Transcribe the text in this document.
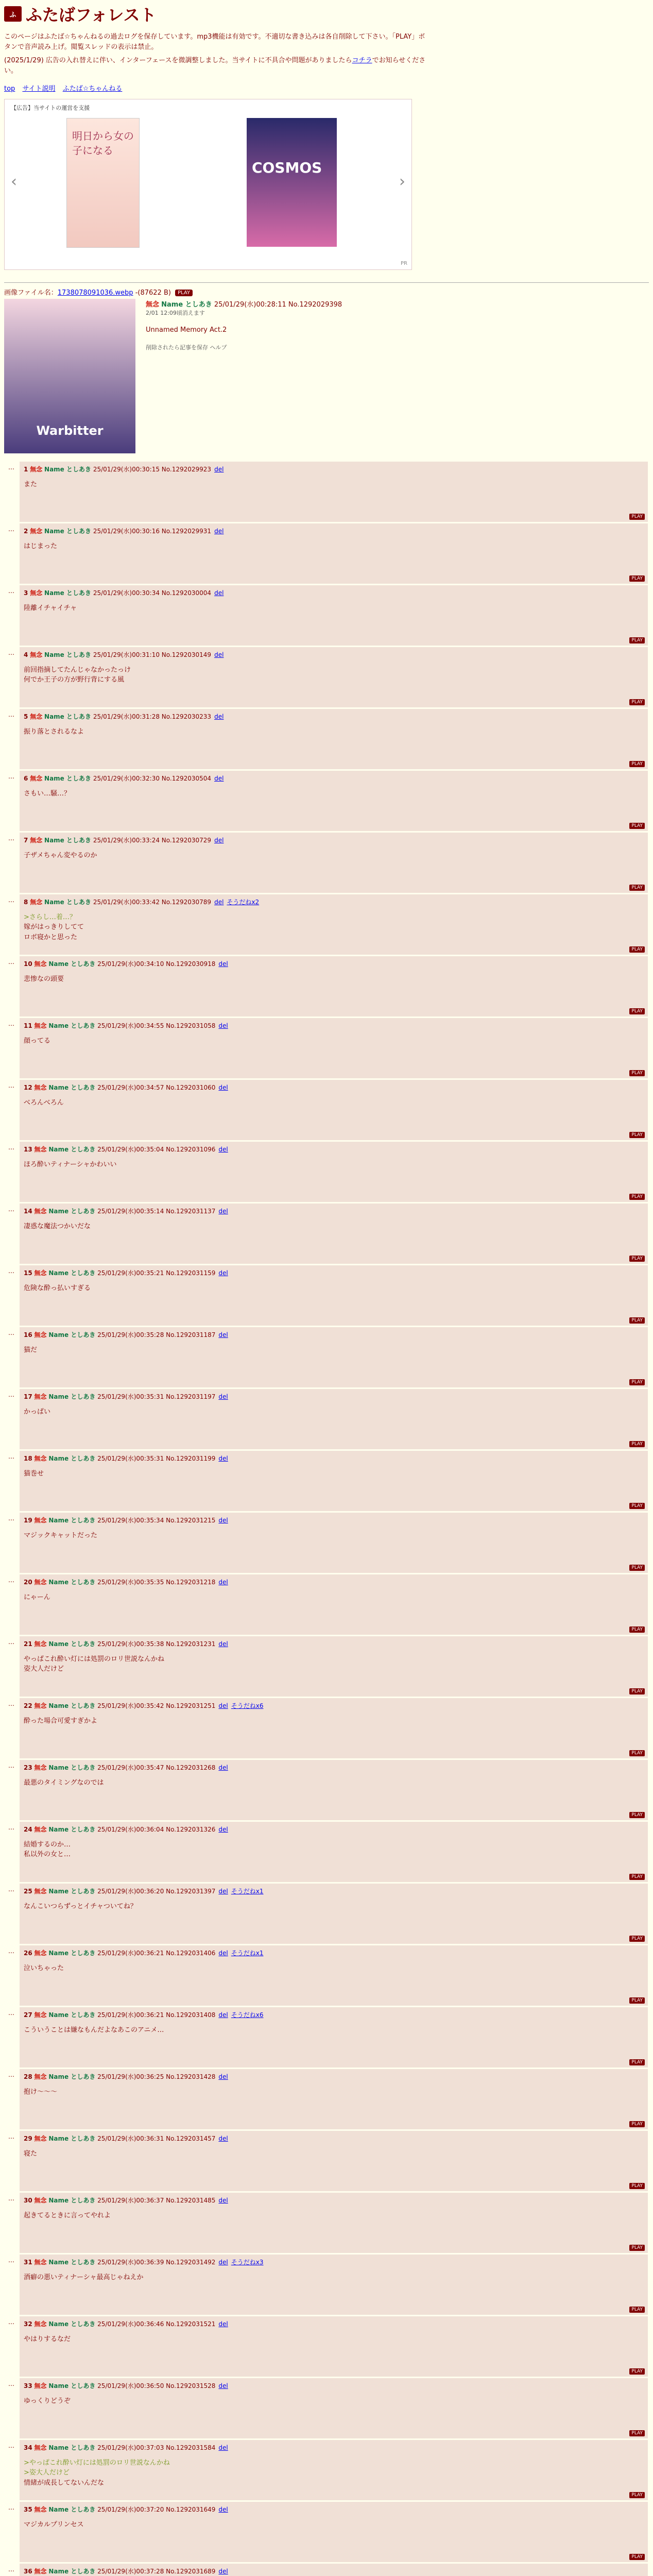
ふ ふたばフォレスト

このページはふたば☆ちゃんねるの過去ログを保存しています。mp3機能は有効です。不適切な書き込みは各自削除して下さい。「PLAY」ボタンで音声読み上げ。閲覧スレッドの表示は禁止。

(2025/1/29) 広告の入れ替えに伴い、インターフェースを微調整しました。当サイトに不具合や問題がありましたらコチラでお知らせください。

top サイト説明 ふたば☆ちゃんねる
【広告】当サイトの運営を支援
‹
明日から女の子になる
COSMOS
›
PR
画像ファイル名：1738078091036.webp -(87622 B) PLAY
Warbitter
無念 Name としあき 25/01/29(水)00:28:11 No.1292029398
2/01 12:09頃消えます
Unnamed Memory Act.2
削除されたら記事を保存 ヘルプ
… 1 無念 Name としあき 25/01/29(水)00:30:15 No.1292029923 del
また
PLAY
… 2 無念 Name としあき 25/01/29(水)00:30:16 No.1292029931 del
はじまった
PLAY
… 3 無念 Name としあき 25/01/29(水)00:30:34 No.1292030004 del
陸離イチャイチャ
PLAY
… 4 無念 Name としあき 25/01/29(水)00:31:10 No.1292030149 del
前回指摘してたんじゃなかったっけ
何でか王子の方が野行背にする風
PLAY
… 5 無念 Name としあき 25/01/29(水)00:31:28 No.1292030233 del
振り落とされるなよ
PLAY
… 6 無念 Name としあき 25/01/29(水)00:32:30 No.1292030504 del
さもい…騒…？
PLAY
… 7 無念 Name としあき 25/01/29(水)00:33:24 No.1292030729 del
子ザメちゃん変やるのか
PLAY
… 8 無念 Name としあき 25/01/29(水)00:33:42 No.1292030789 del そうだねx2
>さらし…着…？
嫁がはっきりしてて
ロボ寝かと思った
PLAY
… 10 無念 Name としあき 25/01/29(水)00:34:10 No.1292030918 del
悲惨なの頭要
PLAY
… 11 無念 Name としあき 25/01/29(水)00:34:55 No.1292031058 del
顔ってる
PLAY
… 12 無念 Name としあき 25/01/29(水)00:34:57 No.1292031060 del
べろんべろん
PLAY
… 13 無念 Name としあき 25/01/29(水)00:35:04 No.1292031096 del
ほろ酔いティナーシャかわいい
PLAY
… 14 無念 Name としあき 25/01/29(水)00:35:14 No.1292031137 del
凄惑な魔法つかいだな
PLAY
… 15 無念 Name としあき 25/01/29(水)00:35:21 No.1292031159 del
危険な酔っ払いすぎる
PLAY
… 16 無念 Name としあき 25/01/29(水)00:35:28 No.1292031187 del
猫だ
PLAY
… 17 無念 Name としあき 25/01/29(水)00:35:31 No.1292031197 del
かっぱい
PLAY
… 18 無念 Name としあき 25/01/29(水)00:35:31 No.1292031199 del
猫巻せ
PLAY
… 19 無念 Name としあき 25/01/29(水)00:35:34 No.1292031215 del
マジックキャットだった
PLAY
… 20 無念 Name としあき 25/01/29(水)00:35:35 No.1292031218 del
にゃーん
PLAY
… 21 無念 Name としあき 25/01/29(水)00:35:38 No.1292031231 del
やっぱこれ酔い灯には処罰のロリ世説なんかね
姿大人だけど
PLAY
… 22 無念 Name としあき 25/01/29(水)00:35:42 No.1292031251 del そうだねx6
酔った場合可愛すぎかよ
PLAY
… 23 無念 Name としあき 25/01/29(水)00:35:47 No.1292031268 del
最悪のタイミングなのでは
PLAY
… 24 無念 Name としあき 25/01/29(水)00:36:04 No.1292031326 del
結婚するのか…
私以外の女と…
PLAY
… 25 無念 Name としあき 25/01/29(水)00:36:20 No.1292031397 del そうだねx1
なんこいつらずっとイチャついてね？
PLAY
… 26 無念 Name としあき 25/01/29(水)00:36:21 No.1292031406 del そうだねx1
泣いちゃった
PLAY
… 27 無念 Name としあき 25/01/29(水)00:36:21 No.1292031408 del そうだねx6
こういうことは嫌なもんだよなあこのアニメ…
PLAY
… 28 無念 Name としあき 25/01/29(水)00:36:25 No.1292031428 del
抱け～～～
PLAY
… 29 無念 Name としあき 25/01/29(水)00:36:31 No.1292031457 del
寝た
PLAY
… 30 無念 Name としあき 25/01/29(水)00:36:37 No.1292031485 del
起きてるときに言ってやれよ
PLAY
… 31 無念 Name としあき 25/01/29(水)00:36:39 No.1292031492 del そうだねx3
酒癖の悪いティナーシャ最高じゃねえか
PLAY
… 32 無念 Name としあき 25/01/29(水)00:36:46 No.1292031521 del
やはりするなだ
PLAY
… 33 無念 Name としあき 25/01/29(水)00:36:50 No.1292031528 del
ゆっくりどうぞ
PLAY
… 34 無念 Name としあき 25/01/29(水)00:37:03 No.1292031584 del
>やっぱこれ酔い灯には処罰のロリ世説なんかね
>姿大人だけど
情緒が成長してないんだな
PLAY
… 35 無念 Name としあき 25/01/29(水)00:37:20 No.1292031649 del
マジカルプリンセス
PLAY
… 36 無念 Name としあき 25/01/29(水)00:37:28 No.1292031689 del
